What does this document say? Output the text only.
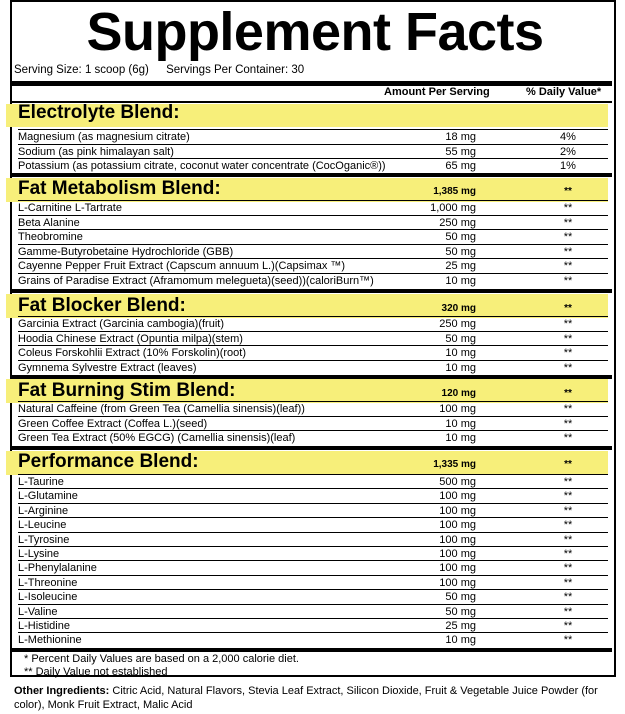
Supplement Facts
Serving Size: 1 scoop (6g) Servings Per Container: 30
Amount Per Serving	% Daily Value*
Electrolyte Blend:
Magnesium (as magnesium citrate)	18 mg	4%
Sodium (as pink himalayan salt)	55 mg	2%
Potassium (as potassium citrate, coconut water concentrate (CocOganic®))	65 mg	1%
Fat Metabolism Blend:	1,385 mg	**
L-Carnitine L-Tartrate	1,000 mg	**
Beta Alanine	250 mg	**
Theobromine	50 mg	**
Gamme-Butyrobetaine Hydrochloride (GBB)	50 mg	**
Cayenne Pepper Fruit Extract (Capscum annuum L.)(Capsimax ™)	25 mg	**
Grains of Paradise Extract (Aframomum melegueta)(seed))(caloriBurn™)	10 mg	**
Fat Blocker Blend:	320 mg	**
Garcinia Extract (Garcinia cambogia)(fruit)	250 mg	**
Hoodia Chinese Extract (Opuntia milpa)(stem)	50 mg	**
Coleus Forskohlii Extract (10% Forskolin)(root)	10 mg	**
Gymnema Sylvestre Extract (leaves)	10 mg	**
Fat Burning Stim Blend:	120 mg	**
Natural Caffeine (from Green Tea (Camellia sinensis)(leaf))	100 mg	**
Green Coffee Extract (Coffea L.)(seed)	10 mg	**
Green Tea Extract (50% EGCG) (Camellia sinensis)(leaf)	10 mg	**
Performance Blend:	1,335 mg	**
L-Taurine	500 mg	**
L-Glutamine	100 mg	**
L-Arginine	100 mg	**
L-Leucine	100 mg	**
L-Tyrosine	100 mg	**
L-Lysine	100 mg	**
L-Phenylalanine	100 mg	**
L-Threonine	100 mg	**
L-Isoleucine	50 mg	**
L-Valine	50 mg	**
L-Histidine	25 mg	**
L-Methionine	10 mg	**
* Percent Daily Values are based on a 2,000 calorie diet.
** Daily Value not established
Other Ingredients: Citric Acid, Natural Flavors, Stevia Leaf Extract, Silicon Dioxide, Fruit & Vegetable Juice Powder (for color), Monk Fruit Extract, Malic Acid
